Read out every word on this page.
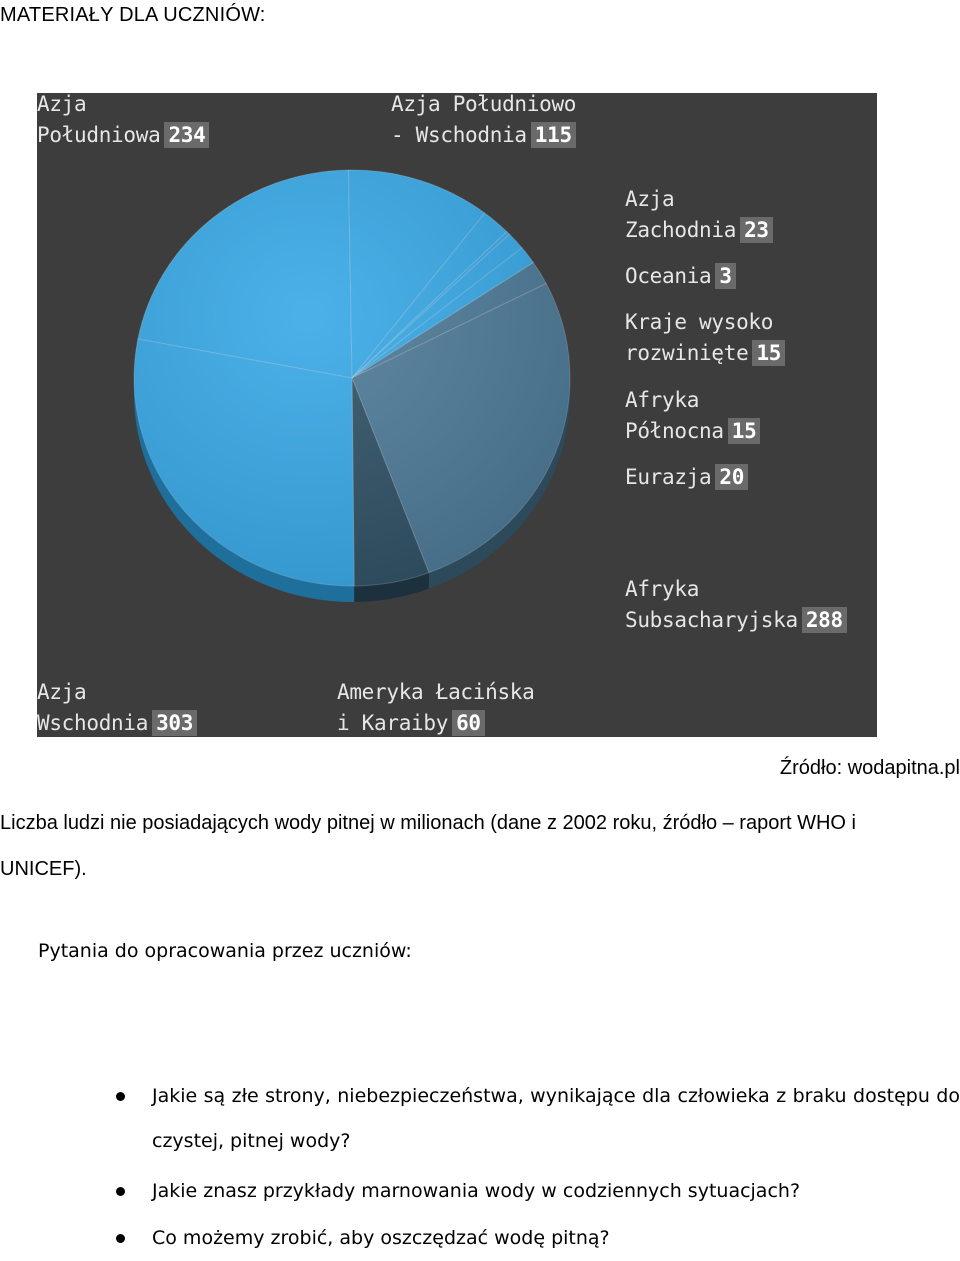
MATERIAŁY DLA UCZNIÓW:
Azja
Południowa 234
Azja Południowo
- Wschodnia 115
Azja
Zachodnia 23
Oceania 3
Kraje wysoko
rozwinięte 15
Afryka
Północna 15
Eurazja 20
Afryka
Subsacharyjska 288
Ameryka Łacińska
i Karaiby 60
Azja
Wschodnia 303
Źródło: wodapitna.pl
Liczba ludzi nie posiadających wody pitnej w milionach (dane z 2002 roku, źródło – raport WHO i UNICEF).
Pytania do opracowania przez uczniów:
Jakie są złe strony, niebezpieczeństwa, wynikające dla człowieka z braku dostępu do czystej, pitnej wody?
Jakie znasz przykłady marnowania wody w codziennych sytuacjach?
Co możemy zrobić, aby oszczędzać wodę pitną?
